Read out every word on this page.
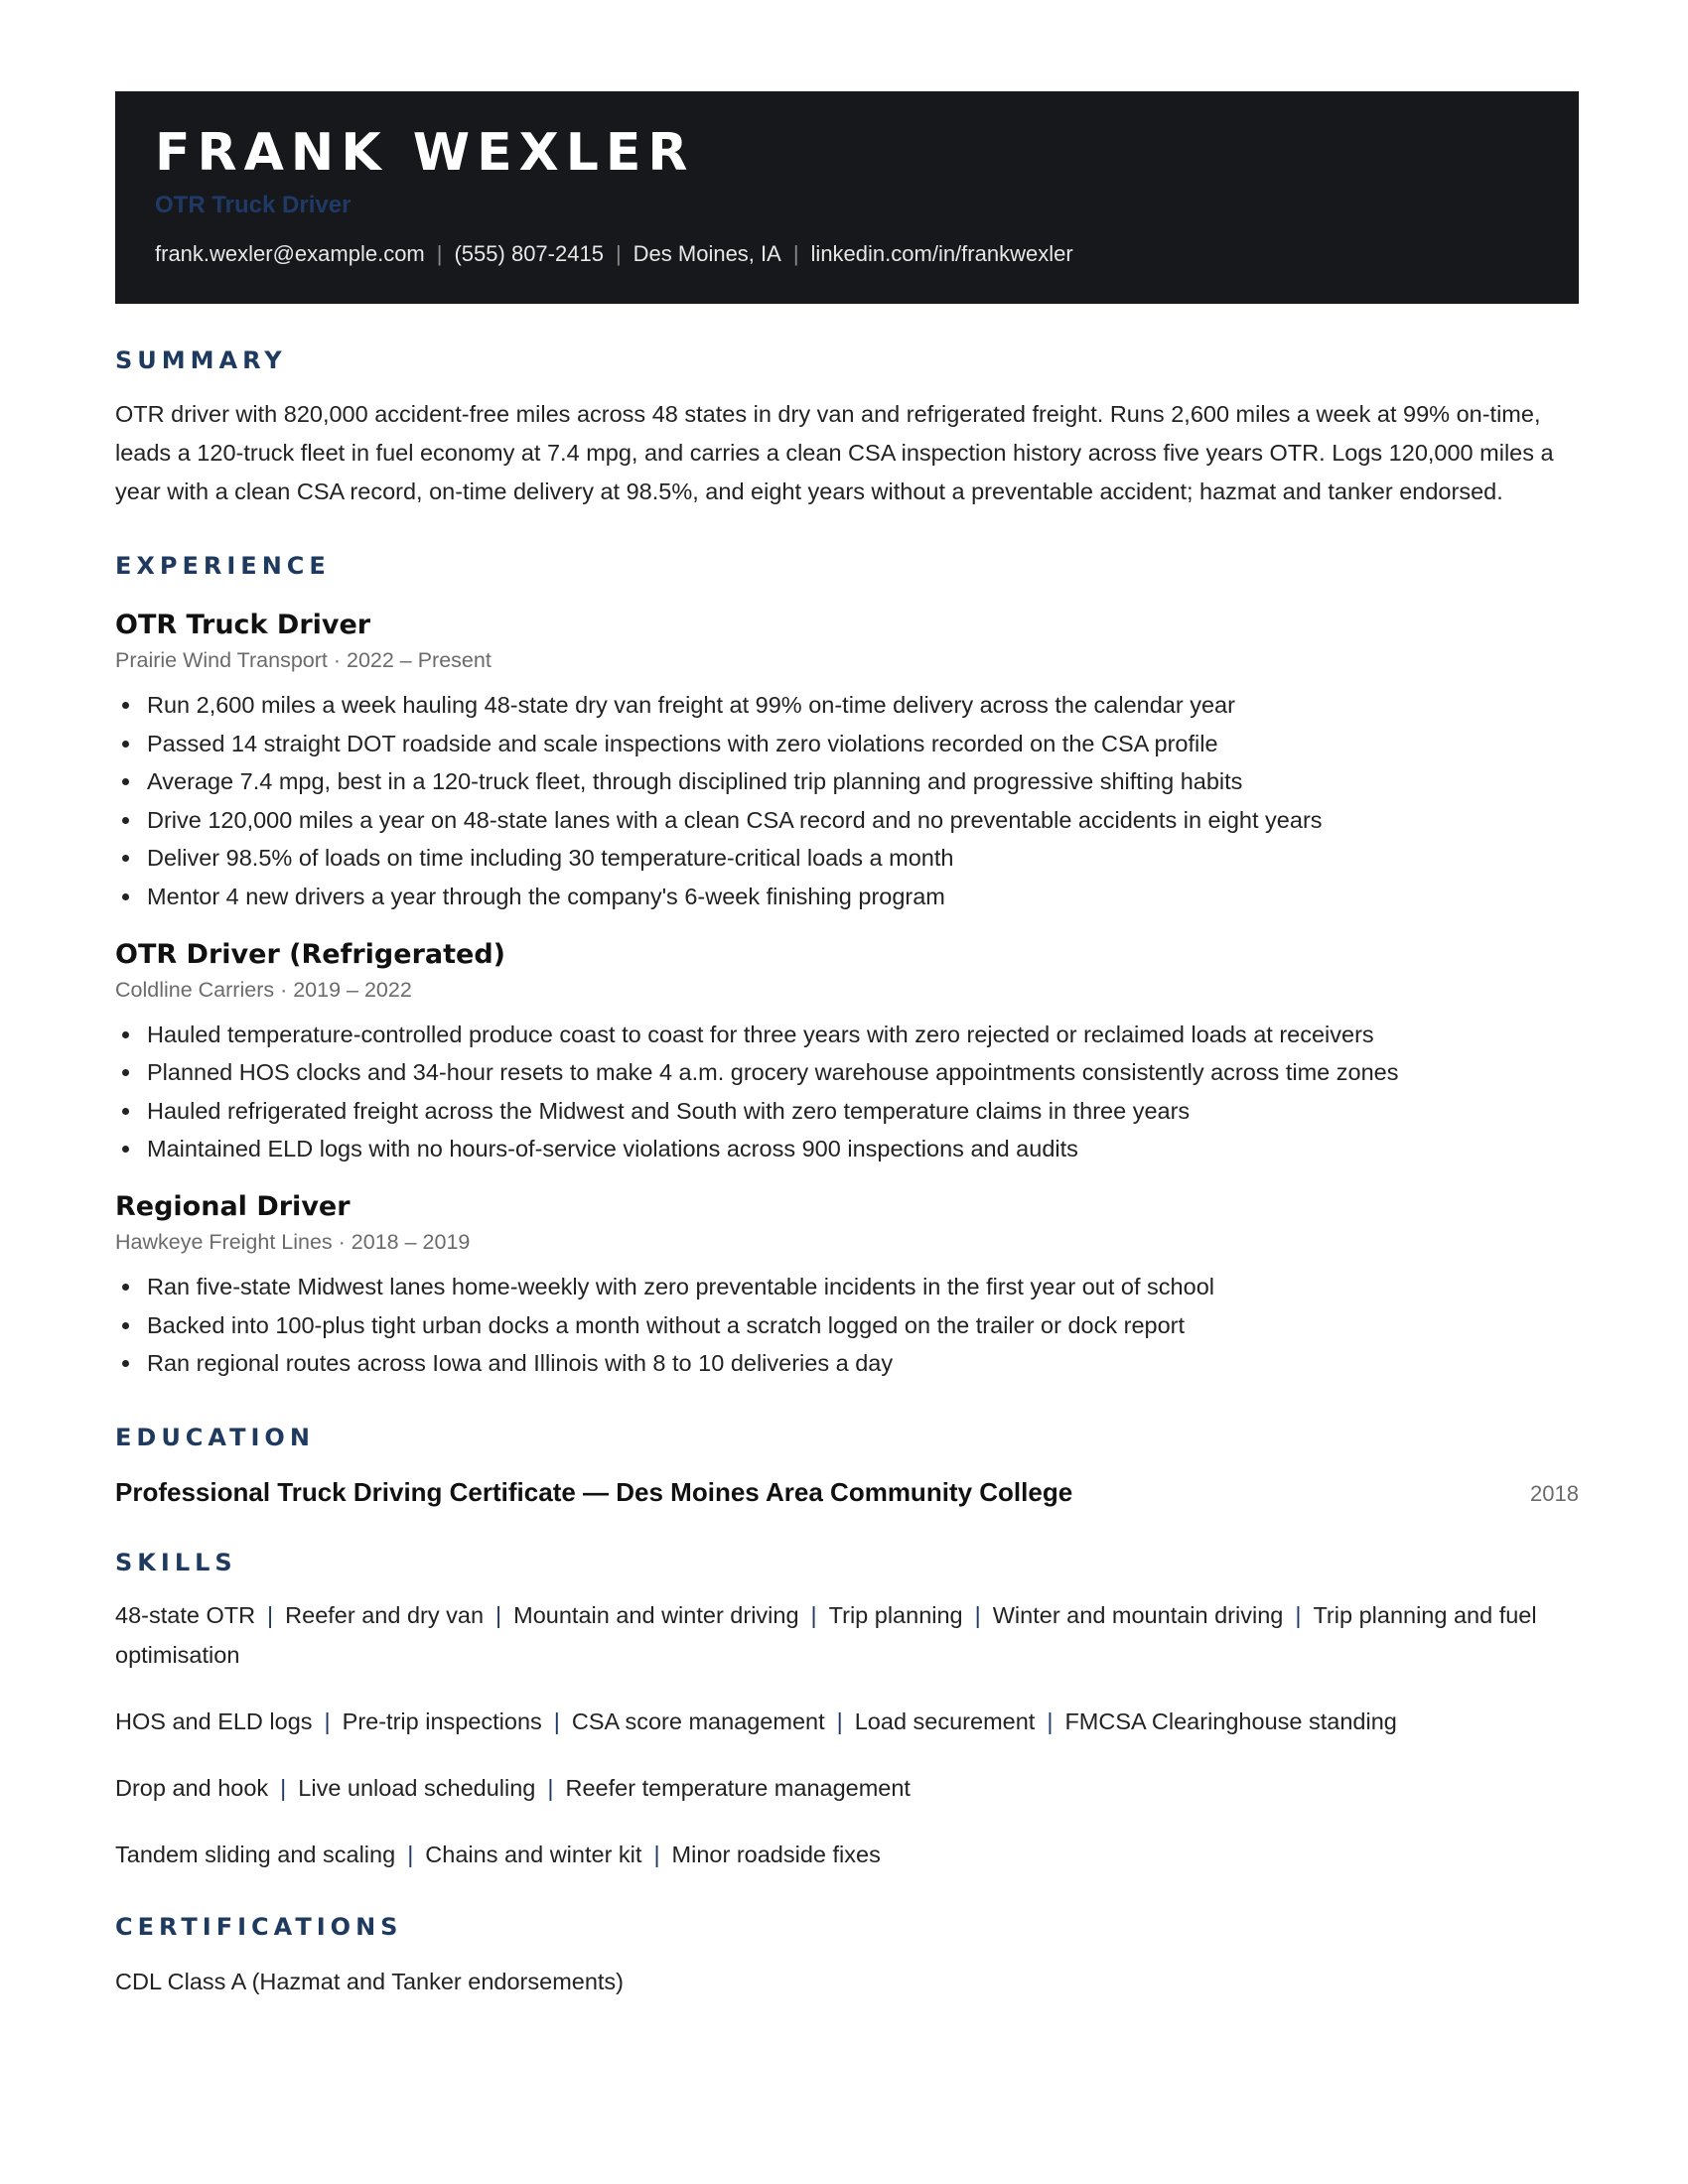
FRANK WEXLER
OTR Truck Driver
frank.wexler@example.com | (555) 807-2415 | Des Moines, IA | linkedin.com/in/frankwexler
SUMMARY
OTR driver with 820,000 accident-free miles across 48 states in dry van and refrigerated freight. Runs 2,600 miles a week at 99% on-time, leads a 120-truck fleet in fuel economy at 7.4 mpg, and carries a clean CSA inspection history across five years OTR. Logs 120,000 miles a year with a clean CSA record, on-time delivery at 98.5%, and eight years without a preventable accident; hazmat and tanker endorsed.
EXPERIENCE
OTR Truck Driver
Prairie Wind Transport · 2022 – Present
Run 2,600 miles a week hauling 48-state dry van freight at 99% on-time delivery across the calendar year
Passed 14 straight DOT roadside and scale inspections with zero violations recorded on the CSA profile
Average 7.4 mpg, best in a 120-truck fleet, through disciplined trip planning and progressive shifting habits
Drive 120,000 miles a year on 48-state lanes with a clean CSA record and no preventable accidents in eight years
Deliver 98.5% of loads on time including 30 temperature-critical loads a month
Mentor 4 new drivers a year through the company's 6-week finishing program
OTR Driver (Refrigerated)
Coldline Carriers · 2019 – 2022
Hauled temperature-controlled produce coast to coast for three years with zero rejected or reclaimed loads at receivers
Planned HOS clocks and 34-hour resets to make 4 a.m. grocery warehouse appointments consistently across time zones
Hauled refrigerated freight across the Midwest and South with zero temperature claims in three years
Maintained ELD logs with no hours-of-service violations across 900 inspections and audits
Regional Driver
Hawkeye Freight Lines · 2018 – 2019
Ran five-state Midwest lanes home-weekly with zero preventable incidents in the first year out of school
Backed into 100-plus tight urban docks a month without a scratch logged on the trailer or dock report
Ran regional routes across Iowa and Illinois with 8 to 10 deliveries a day
EDUCATION
Professional Truck Driving Certificate — Des Moines Area Community College	2018
SKILLS
48-state OTR | Reefer and dry van | Mountain and winter driving | Trip planning | Winter and mountain driving | Trip planning and fuel optimisation
HOS and ELD logs | Pre-trip inspections | CSA score management | Load securement | FMCSA Clearinghouse standing
Drop and hook | Live unload scheduling | Reefer temperature management
Tandem sliding and scaling | Chains and winter kit | Minor roadside fixes
CERTIFICATIONS
CDL Class A (Hazmat and Tanker endorsements)
